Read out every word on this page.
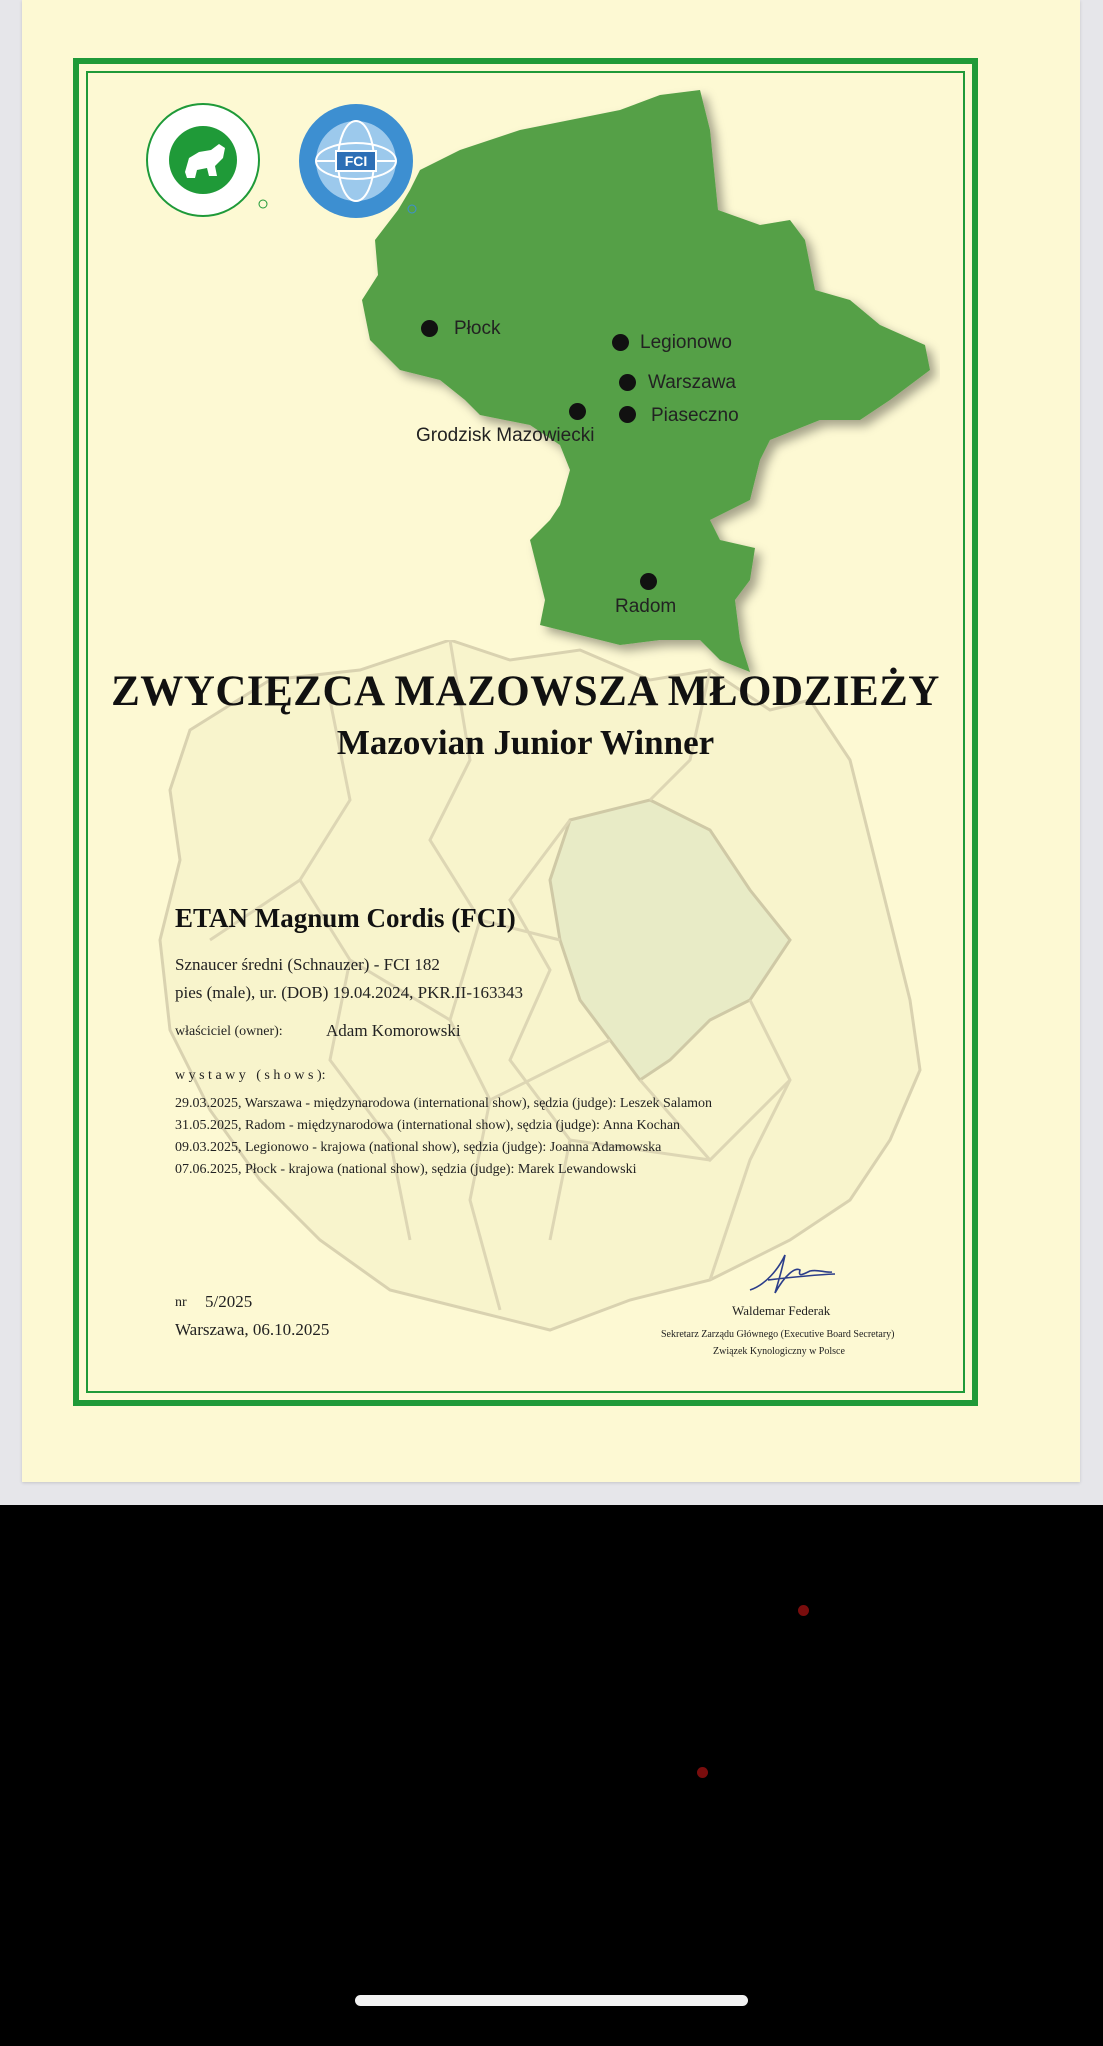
FCI
Płock
Legionowo
Warszawa
Grodzisk Mazowiecki
Piaseczno
Radom
ZWYCIĘZCA MAZOWSZA MŁODZIEŻY
Mazovian Junior Winner
ETAN Magnum Cordis (FCI)
Sznaucer średni (Schnauzer) - FCI 182
pies (male), ur. (DOB) 19.04.2024, PKR.II-163343
właściciel (owner):	Adam Komorowski
w y s t a w y   ( s h o w s ):
29.03.2025, Warszawa - międzynarodowa (international show), sędzia (judge): Leszek Salamon
31.05.2025, Radom - międzynarodowa (international show), sędzia (judge): Anna Kochan
09.03.2025, Legionowo - krajowa (national show), sędzia (judge): Joanna Adamowska
07.06.2025, Płock - krajowa (national show), sędzia (judge): Marek Lewandowski
nr 5/2025
Warszawa, 06.10.2025
Waldemar Federak
Sekretarz Zarządu Głównego (Executive Board Secretary)
Związek Kynologiczny w Polsce
